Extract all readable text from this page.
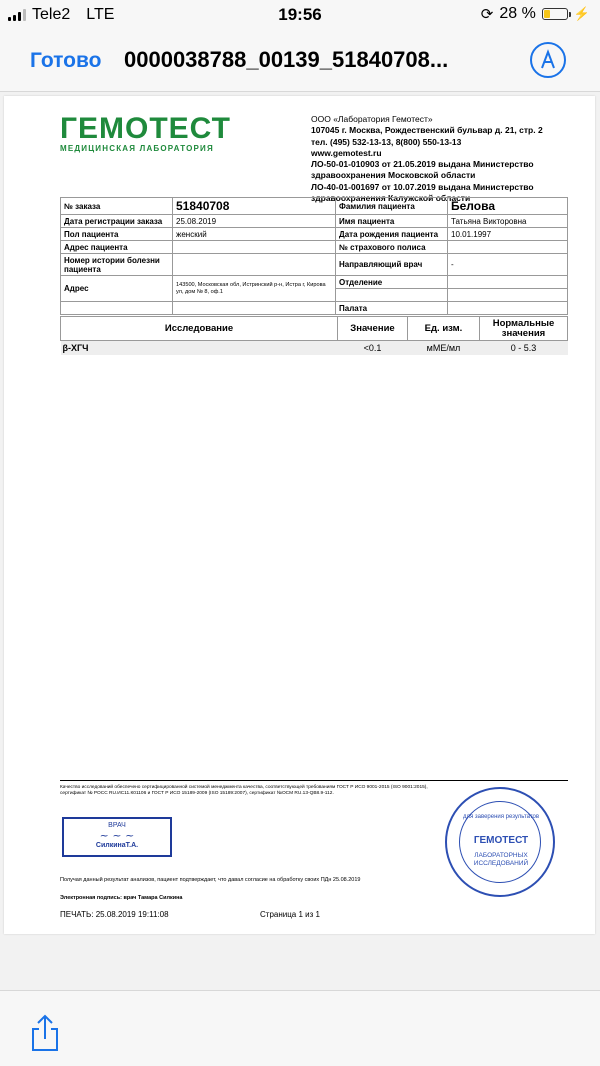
Tele2 LTE	19:56	⟳ 28 %	⚡
Готово 0000038788_00139_51840708...
ГЕМОТЕСТ
МЕДИЦИНСКАЯ ЛАБОРАТОРИЯ
ООО «Лаборатория Гемотест»
107045 г. Москва, Рождественский бульвар д. 21, стр. 2
тел. (495) 532-13-13, 8(800) 550-13-13
www.gemotest.ru
ЛО-50-01-010903 от 21.05.2019 выдана Министерство здравоохранения Московской области
ЛО-40-01-001697 от 10.07.2019 выдана Министерство здравоохранения Калужской области
№ заказа	51840708	Фамилия пациента	Белова
Дата регистрации заказа	25.08.2019	Имя пациента	Татьяна Викторовна
Пол пациента	женский	Дата рождения пациента	10.01.1997
Адрес пациента		№ страхового полиса	
Номер истории болезни пациента		Направляющий врач	-
Адрес	143500, Московская обл, Истринский р-н, Истра г, Кирова ул, дом № 8, оф.1	Отделение	

		Палата	
Исследование	Значение	Ед. изм.	Нормальные значения
β-ХГЧ	<0.1	мМЕ/мл	0 - 5.3
Качество исследований обеспечено сертифицированной системой менеджмента качества, соответствующей требованиям ГОСТ Р ИСО 9001-2015 (ISO 9001:2015), сертификат № РОСС RU.ИС11.К01106 и ГОСТ Р ИСО 15189-2009 (ISO 15189:2007), сертификат №ОСМ RU.13-QB8.9-112.
ВРАЧ
~ ~ ~
СилкинаТ.А.
Получая данный результат анализов, пациент подтверждает, что давал согласие на обработку своих ПДн 25.08.2019
Электронная подпись: врач Тамара Силкина
ПЕЧАТЬ: 25.08.2019 19:11:08	Страница 1 из 1
для заверения результатов
ГЕМОТЕСТ
ЛАБОРАТОРНЫХ ИССЛЕДОВАНИЙ
